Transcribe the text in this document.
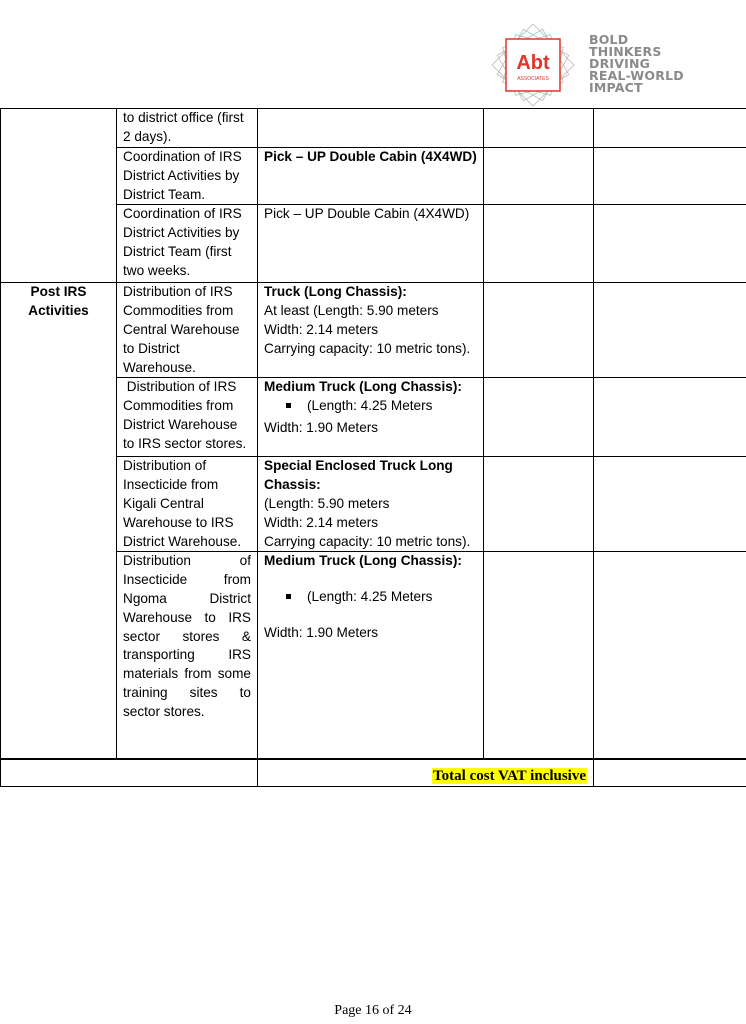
Abt
ASSOCIATES
BOLD
THINKERS
DRIVING
REAL-WORLD
IMPACT
	to district office (first 2 days).			
	Coordination of IRS District Activities by District Team.	Pick – UP Double Cabin (4X4WD)		
	Coordination of IRS District Activities by District Team (first two weeks.	Pick – UP Double Cabin (4X4WD)		
Post IRS Activities	Distribution of IRS Commodities from Central Warehouse to District Warehouse.	Truck (Long Chassis):
At least (Length: 5.90 meters
Width: 2.14 meters
Carrying capacity: 10 metric tons).		

	Distribution of IRS Commodities from District Warehouse to IRS sector stores.	Medium Truck (Long Chassis):
(Length: 4.25 Meters
Width: 1.90 Meters		

	Distribution of Insecticide from Kigali Central Warehouse to IRS District Warehouse.	Special Enclosed Truck Long Chassis:
(Length: 5.90 meters
Width: 2.14 meters
Carrying capacity: 10 metric tons).		

	Distribution of Insecticide from Ngoma District Warehouse to IRS sector stores & transporting IRS materials from some training sites to sector stores.	Medium Truck (Long Chassis):
(Length: 4.25 Meters
Width: 1.90 Meters		

		Total cost VAT inclusive		
Page 16 of 24
